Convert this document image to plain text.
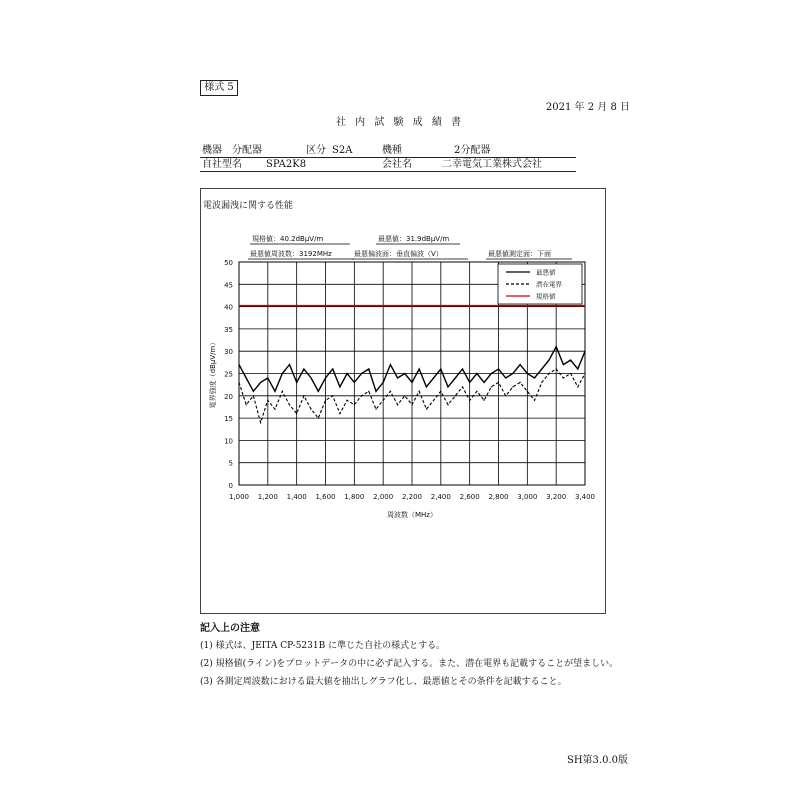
様式 5
2021 年 2 月 8 日
社 内 試 験 成 績 書
機器 分配器	区分 S2A	機種	2分配器
自社型名 SPA2K8	会社名	二幸電気工業株式会社
電波漏洩に関する性能
0
5
10
15
20
25
30
35
40
45
50
1,000 1,200 1,400 1,600 1,800 2,000 2,200 2,400 2,600 2,800 3,000 3,200 3,400
周波数（MHz）
電界強度（dBμV/m）
規格値：40.2dBμV/m	最悪値：31.9dBμV/m
最悪値周波数：3192MHz	最悪偏波面：垂直偏波（V）	最悪値測定面：下面
最悪値
潜在電界
規格値
記入上の注意
(1) 様式は、JEITA CP-5231B に準じた自社の様式とする。
(2) 規格値(ライン)をプロットデータの中に必ず記入する。また、潜在電界も記載することが望ましい。
(3) 各測定周波数における最大値を抽出しグラフ化し、最悪値とその条件を記載すること。
SH第3.0.0版
